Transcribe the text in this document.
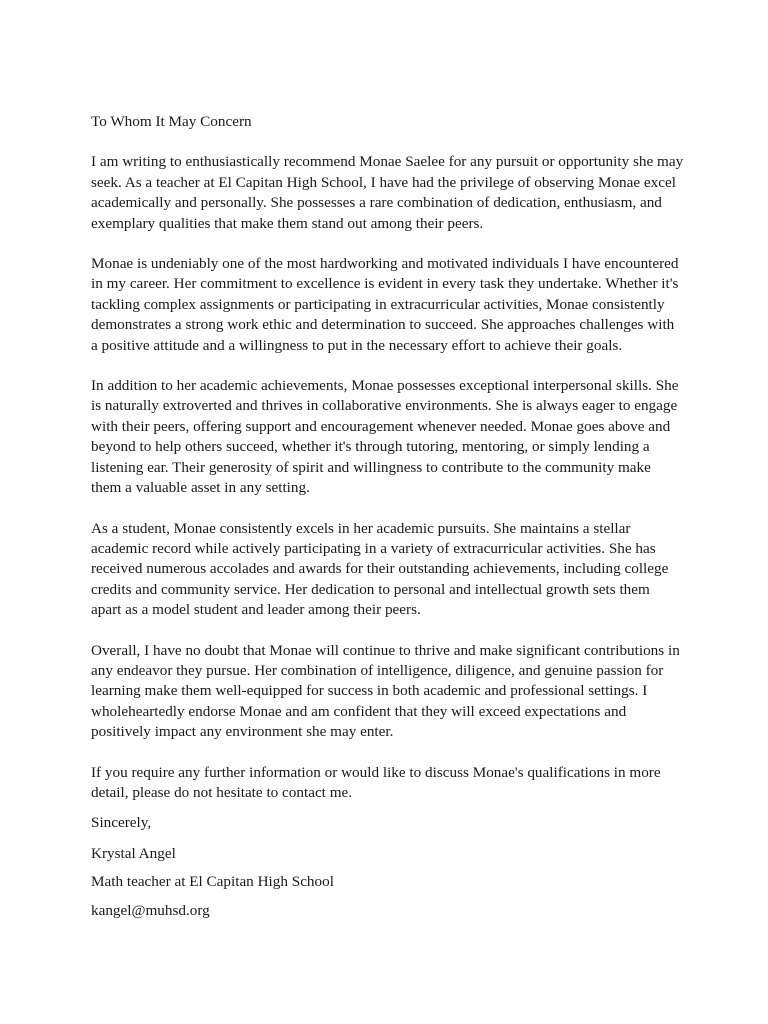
To Whom It May Concern

I am writing to enthusiastically recommend Monae Saelee for any pursuit or opportunity she may
seek. As a teacher at El Capitan High School, I have had the privilege of observing Monae excel
academically and personally. She possesses a rare combination of dedication, enthusiasm, and
exemplary qualities that make them stand out among their peers.
Monae is undeniably one of the most hardworking and motivated individuals I have encountered
in my career. Her commitment to excellence is evident in every task they undertake. Whether it's
tackling complex assignments or participating in extracurricular activities, Monae consistently
demonstrates a strong work ethic and determination to succeed. She approaches challenges with
a positive attitude and a willingness to put in the necessary effort to achieve their goals.
In addition to her academic achievements, Monae possesses exceptional interpersonal skills. She
is naturally extroverted and thrives in collaborative environments. She is always eager to engage
with their peers, offering support and encouragement whenever needed. Monae goes above and
beyond to help others succeed, whether it's through tutoring, mentoring, or simply lending a
listening ear. Their generosity of spirit and willingness to contribute to the community make
them a valuable asset in any setting.
As a student, Monae consistently excels in her academic pursuits. She maintains a stellar
academic record while actively participating in a variety of extracurricular activities. She has
received numerous accolades and awards for their outstanding achievements, including college
credits and community service. Her dedication to personal and intellectual growth sets them
apart as a model student and leader among their peers.
Overall, I have no doubt that Monae will continue to thrive and make significant contributions in
any endeavor they pursue. Her combination of intelligence, diligence, and genuine passion for
learning make them well-equipped for success in both academic and professional settings. I
wholeheartedly endorse Monae and am confident that they will exceed expectations and
positively impact any environment she may enter.
If you require any further information or would like to discuss Monae's qualifications in more
detail, please do not hesitate to contact me.

Sincerely,

Krystal Angel

Math teacher at El Capitan High School

kangel@muhsd.org
